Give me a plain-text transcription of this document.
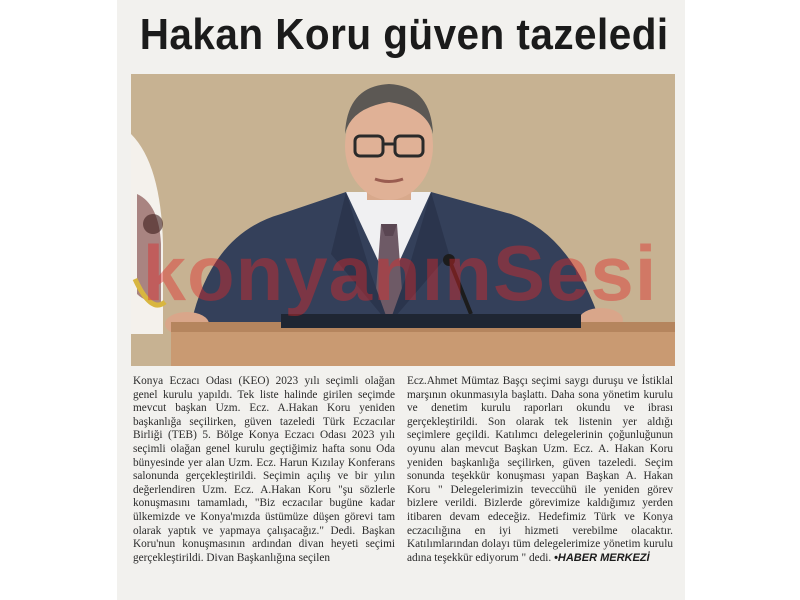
Hakan Koru güven tazeledi
konyanınSesi

Konya Eczacı Odası (KEO) 2023 yılı seçimli olağan genel kurulu yapıldı. Tek liste halinde girilen seçimde mevcut başkan Uzm. Ecz. A.Hakan Koru yeniden başkanlığa seçilirken, güven tazeledi Türk Eczacılar Birliği (TEB) 5. Bölge Konya Eczacı Odası 2023 yılı seçimli olağan genel kurulu geçtiğimiz hafta sonu Oda bünyesinde yer alan Uzm. Ecz. Harun Kızılay Konferans salonunda gerçekleştirildi. Seçimin açılış ve bir yılın değerlendiren Uzm. Ecz. A.Hakan Koru "şu sözlerle konuşmasını tamamladı, "Biz eczacılar bugüne kadar ülkemizde ve Konya'mızda üstümüze düşen görevi tam olarak yaptık ve yapmaya çalışacağız." Dedi. Başkan Koru'nun konuşmasının ardından divan heyeti seçimi gerçekleştirildi. Divan Başkanlığına seçilen

Ecz.Ahmet Mümtaz Başçı seçimi saygı duruşu ve İstiklal marşının okunmasıyla başlattı. Daha sona yönetim kurulu ve denetim kurulu raporları okundu ve ibrası gerçekleştirildi. Son olarak tek listenin yer aldığı seçimlere geçildi. Katılımcı delegelerinin çoğunluğunun oyunu alan mevcut Başkan Uzm. Ecz. A. Hakan Koru yeniden başkanlığa seçilirken, güven tazeledi. Seçim sonunda teşekkür konuşması yapan Başkan A. Hakan Koru " Delegelerimizin teveccühü ile yeniden görev bizlere verildi. Bizlerde görevimize kaldığımız yerden itibaren devam edeceğiz. Hedefimiz Türk ve Konya eczacılığına en iyi hizmeti verebilme olacaktır. Katılımlarından dolayı tüm delegelerimize yönetim kurulu adına teşekkür ediyorum " dedi. •HABER MERKEZİ
